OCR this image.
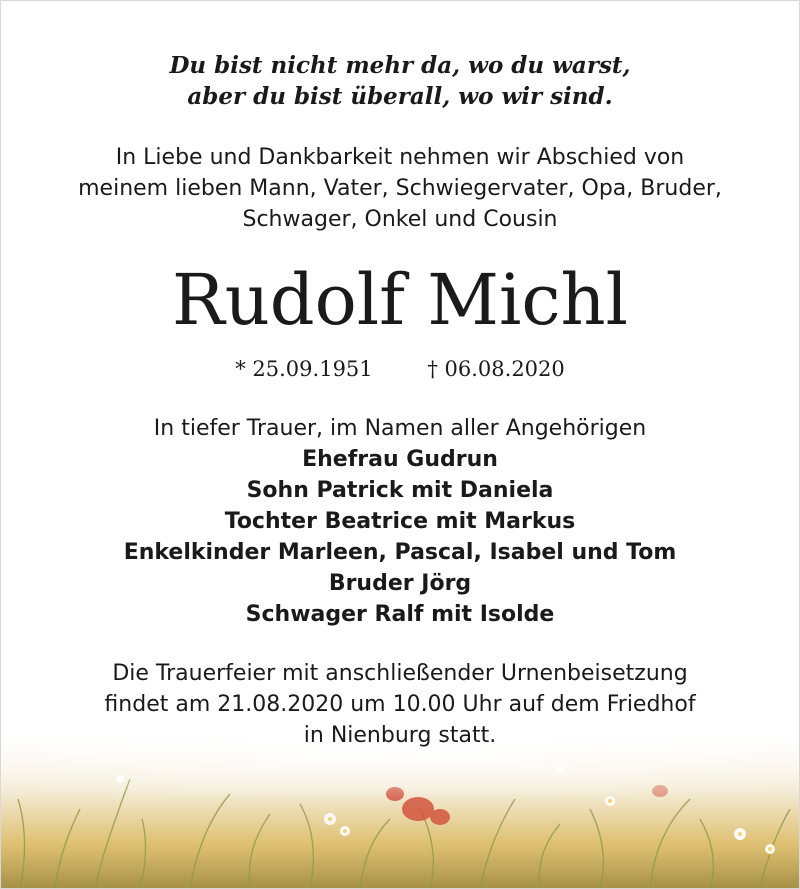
Du bist nicht mehr da, wo du warst,
aber du bist überall, wo wir sind.
In Liebe und Dankbarkeit nehmen wir Abschied von
meinem lieben Mann, Vater, Schwiegervater, Opa, Bruder,
Schwager, Onkel und Cousin
Rudolf Michl
* 25.09.1951	† 06.08.2020
In tiefer Trauer, im Namen aller Angehörigen
Ehefrau Gudrun
Sohn Patrick mit Daniela
Tochter Beatrice mit Markus
Enkelkinder Marleen, Pascal, Isabel und Tom
Bruder Jörg
Schwager Ralf mit Isolde
Die Trauerfeier mit anschließender Urnenbeisetzung
findet am 21.08.2020 um 10.00 Uhr auf dem Friedhof
in Nienburg statt.
